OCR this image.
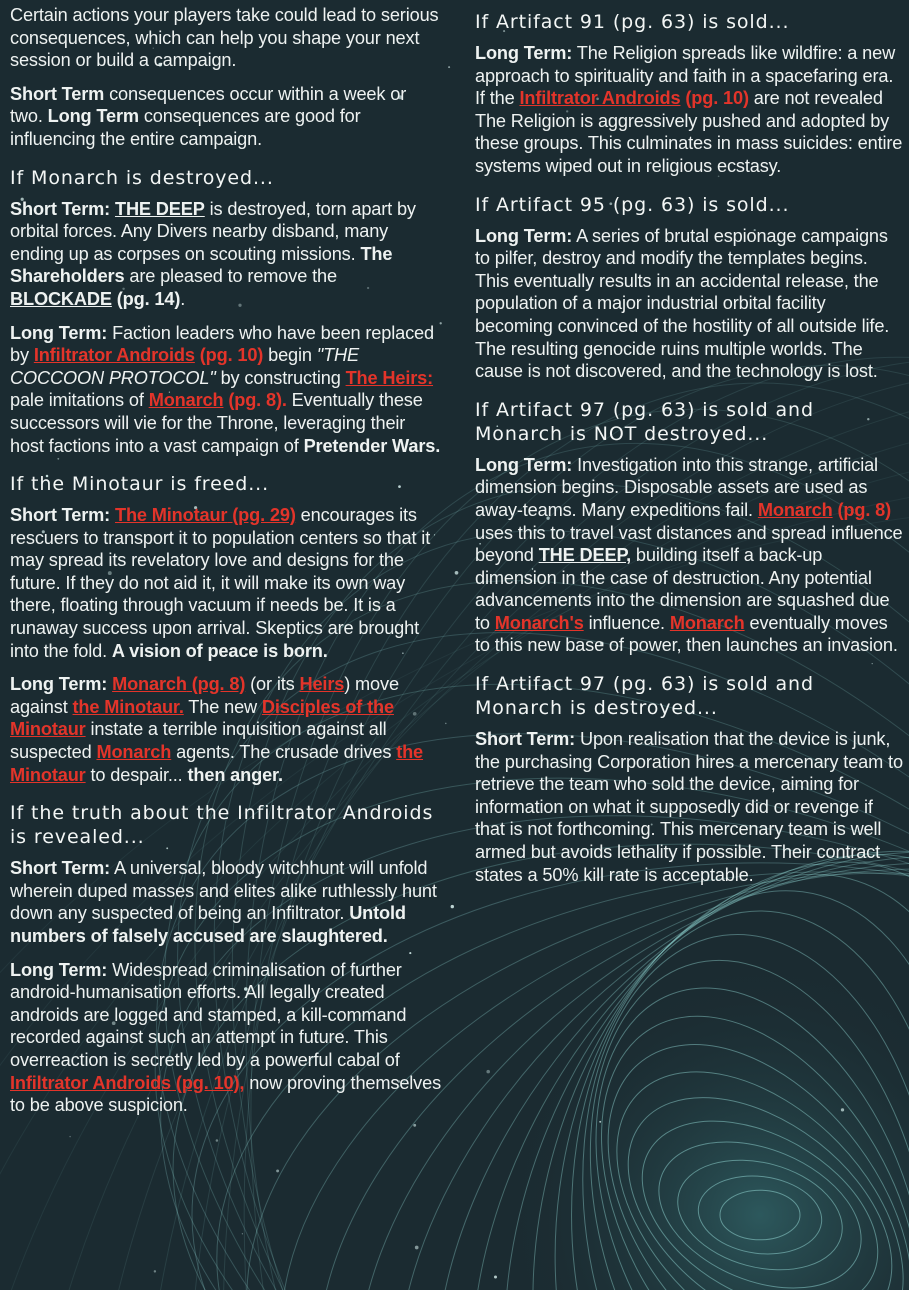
Certain actions your players take could lead to serious consequences, which can help you shape your next session or build a campaign.

Short Term consequences occur within a week or two. Long Term consequences are good for influencing the entire campaign.

If Monarch is destroyed...

Short Term: THE DEEP is destroyed, torn apart by orbital forces. Any Divers nearby disband, many ending up as corpses on scouting missions. The Shareholders are pleased to remove the BLOCKADE (pg. 14).

Long Term: Faction leaders who have been replaced by Infiltrator Androids (pg. 10) begin "THE COCCOON PROTOCOL" by constructing The Heirs: pale imitations of Monarch (pg. 8). Eventually these successors will vie for the Throne, leveraging their host factions into a vast campaign of Pretender Wars.

If the Minotaur is freed...

Short Term: The Minotaur (pg. 29) encourages its rescuers to transport it to population centers so that it may spread its revelatory love and designs for the future. If they do not aid it, it will make its own way there, floating through vacuum if needs be. It is a runaway success upon arrival. Skeptics are brought into the fold. A vision of peace is born.

Long Term: Monarch (pg. 8) (or its Heirs) move against the Minotaur. The new Disciples of the Minotaur instate a terrible inquisition against all suspected Monarch agents. The crusade drives the Minotaur to despair... then anger.

If the truth about the Infiltrator Androids is revealed...

Short Term: A universal, bloody witchhunt will unfold wherein duped masses and elites alike ruthlessly hunt down any suspected of being an Infiltrator. Untold numbers of falsely accused are slaughtered.

Long Term: Widespread criminalisation of further android-humanisation efforts. All legally created androids are logged and stamped, a kill-command recorded against such an attempt in future. This overreaction is secretly led by a powerful cabal of Infiltrator Androids (pg. 10), now proving themselves to be above suspicion.

If Artifact 91 (pg. 63) is sold...

Long Term: The Religion spreads like wildfire: a new approach to spirituality and faith in a spacefaring era. If the Infiltrator Androids (pg. 10) are not revealed The Religion is aggressively pushed and adopted by these groups. This culminates in mass suicides: entire systems wiped out in religious ecstasy.

If Artifact 95 (pg. 63) is sold...

Long Term: A series of brutal espionage campaigns to pilfer, destroy and modify the templates begins. This eventually results in an accidental release, the population of a major industrial orbital facility becoming convinced of the hostility of all outside life. The resulting genocide ruins multiple worlds. The cause is not discovered, and the technology is lost.

If Artifact 97 (pg. 63) is sold and Monarch is NOT destroyed...

Long Term: Investigation into this strange, artificial dimension begins. Disposable assets are used as away-teams. Many expeditions fail. Monarch (pg. 8) uses this to travel vast distances and spread influence beyond THE DEEP, building itself a back-up dimension in the case of destruction. Any potential advancements into the dimension are squashed due to Monarch's influence. Monarch eventually moves to this new base of power, then launches an invasion.

If Artifact 97 (pg. 63) is sold and Monarch is destroyed...

Short Term: Upon realisation that the device is junk, the purchasing Corporation hires a mercenary team to retrieve the team who sold the device, aiming for information on what it supposedly did or revenge if that is not forthcoming. This mercenary team is well armed but avoids lethality if possible. Their contract states a 50% kill rate is acceptable.
